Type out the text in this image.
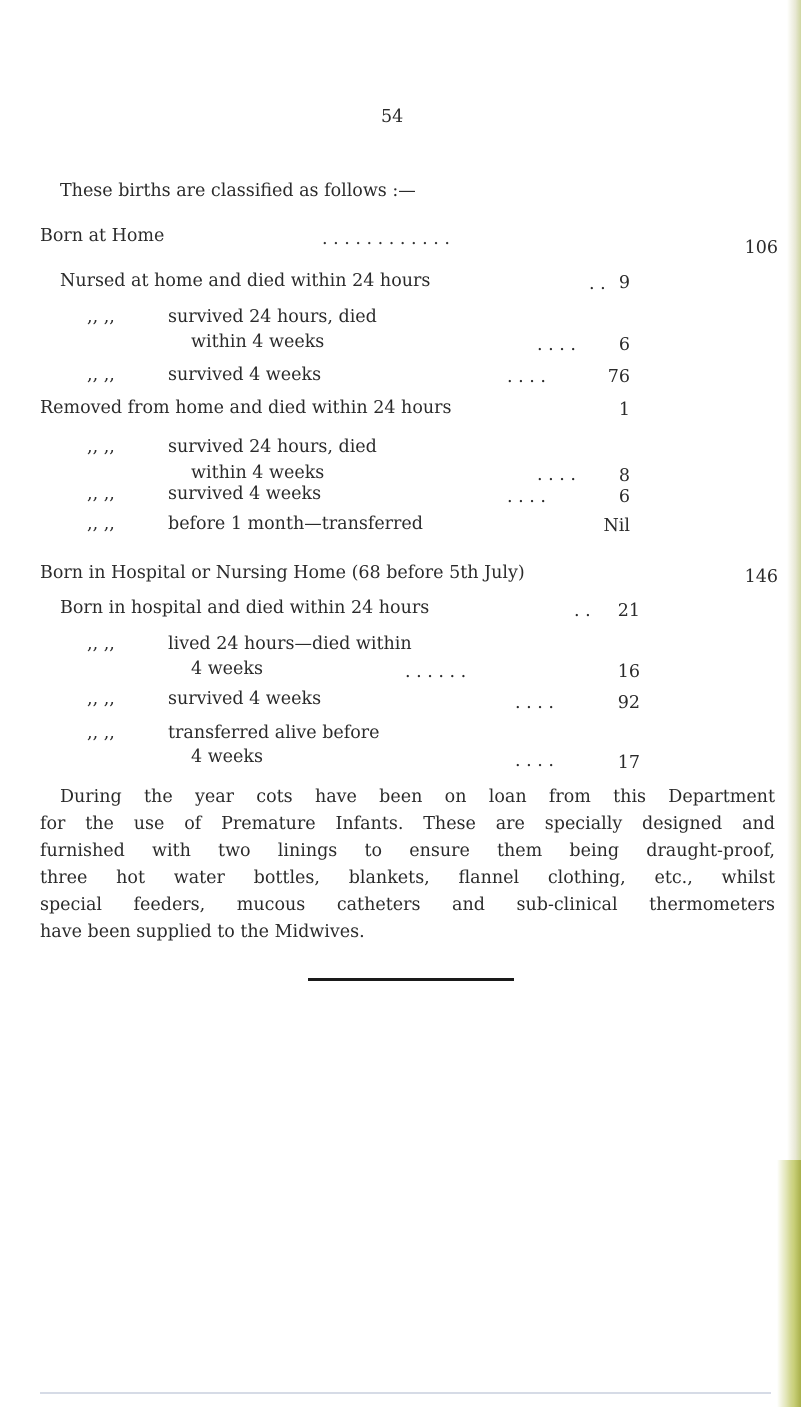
54
These births are classified as follows :—
Born at Home	. . . . . . . . . . . .	106
Nursed at home and died within 24 hours	. . 9
,, ,,	survived 24 hours, died
within 4 weeks	. . . .	6
,, ,,	survived 4 weeks	. . . .	76
Removed from home and died within 24 hours	1
,, ,,	survived 24 hours, died
within 4 weeks	. . . .	8
,, ,,	survived 4 weeks	. . . .	6
,, ,,	before 1 month—transferred	Nil
Born in Hospital or Nursing Home (68 before 5th July)	146
Born in hospital and died within 24 hours	. .	21
,, ,,	lived 24 hours—died within
4 weeks	. . . . . .	16
,, ,,	survived 4 weeks	. . . .	92
,, ,,	transferred alive before
4 weeks	. . . .	17
During the year cots have been on loan from this Department
for the use of Premature Infants. These are specially designed and
furnished with two linings to ensure them being draught-proof,
three hot water bottles, blankets, flannel clothing, etc., whilst
special feeders, mucous catheters and sub-clinical thermometers
have been supplied to the Midwives.
